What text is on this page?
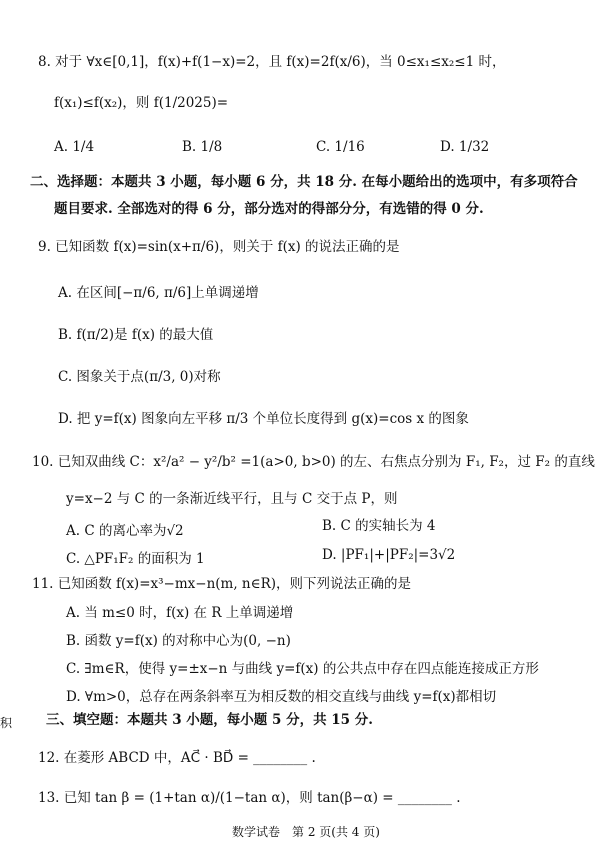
8. 对于 ∀x∈[0,1]，f(x)+f(1−x)=2，且 f(x)=2f(x/6)，当 0≤x₁≤x₂≤1 时，
f(x₁)≤f(x₂)，则 f(1/2025)=
A. 1/4	B. 1/8	C. 1/16	D. 1/32
二、选择题：本题共 3 小题，每小题 6 分，共 18 分. 在每小题给出的选项中，有多项符合
题目要求. 全部选对的得 6 分，部分选对的得部分分，有选错的得 0 分.
9. 已知函数 f(x)=sin(x+π/6)，则关于 f(x) 的说法正确的是
A. 在区间[−π/6, π/6]上单调递增
B. f(π/2)是 f(x) 的最大值
C. 图象关于点(π/3, 0)对称
D. 把 y=f(x) 图象向左平移 π/3 个单位长度得到 g(x)=cos x 的图象
10. 已知双曲线 C：x²/a² − y²/b² =1(a>0, b>0) 的左、右焦点分别为 F₁, F₂，过 F₂ 的直线
y=x−2 与 C 的一条渐近线平行，且与 C 交于点 P，则
A. C 的离心率为√2	B. C 的实轴长为 4
C. △PF₁F₂ 的面积为 1	D. |PF₁|+|PF₂|=3√2
11. 已知函数 f(x)=x³−mx−n(m, n∈R)，则下列说法正确的是
A. 当 m≤0 时，f(x) 在 R 上单调递增
B. 函数 y=f(x) 的对称中心为(0, −n)
C. ∃m∈R，使得 y=±x−n 与曲线 y=f(x) 的公共点中存在四点能连接成正方形
D. ∀m>0，总存在两条斜率互为相反数的相交直线与曲线 y=f(x)都相切
积	三、填空题：本题共 3 小题，每小题 5 分，共 15 分.
12. 在菱形 ABCD 中，AC⃗ · BD⃗ = ________ .
13. 已知 tan β = (1+tan α)/(1−tan α)，则 tan(β−α) = ________ .
数学试卷　第 2 页(共 4 页)
